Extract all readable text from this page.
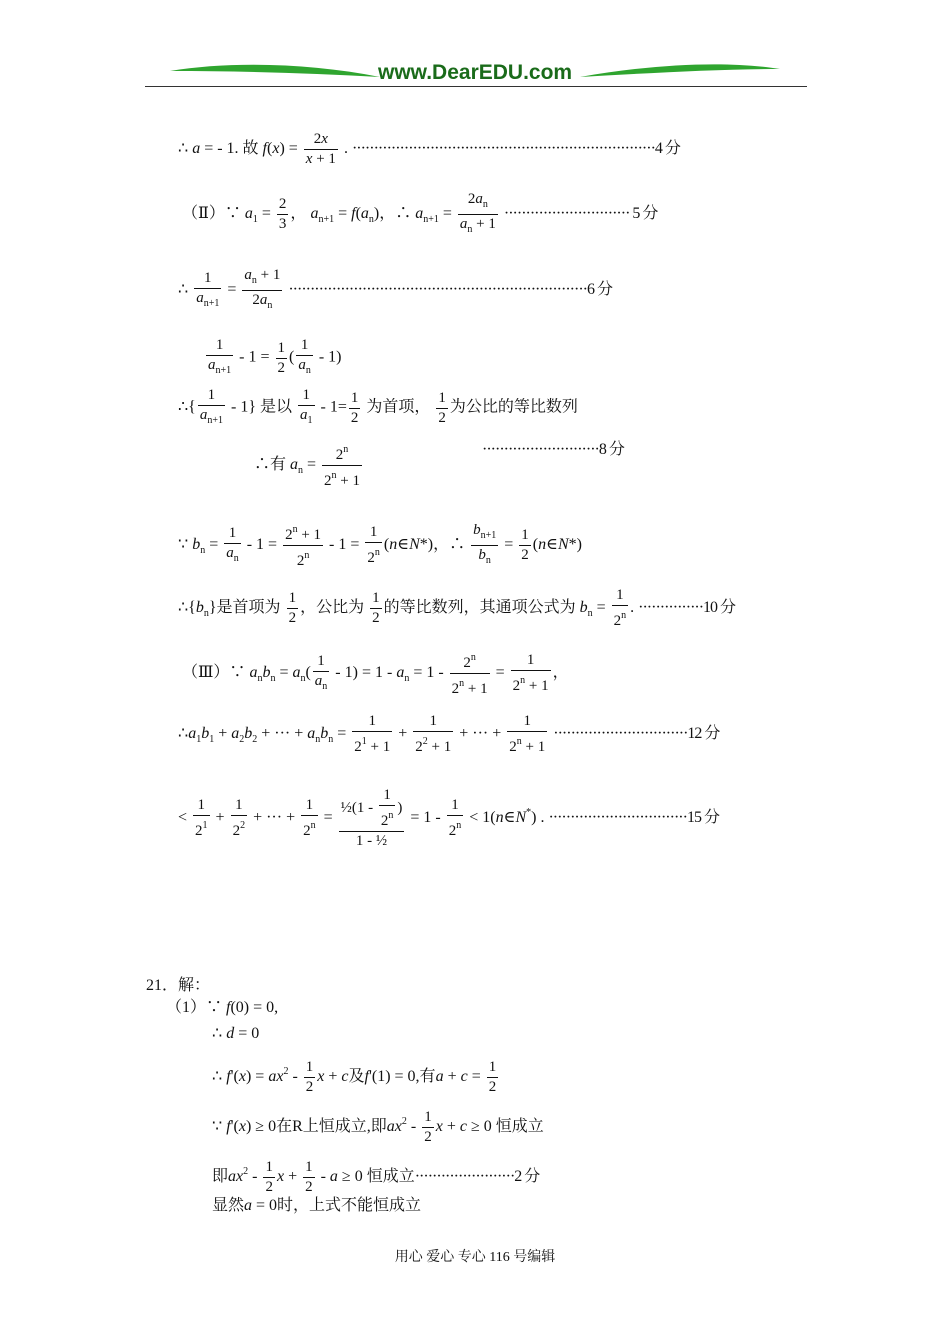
www.DearEDU.com
∴ a = - 1. 故 $f(x) = \frac{2x}{x + 1}$ . ······································································4 分
（Ⅱ）∵ $a_1 = \frac{2}{3}$ ， $a_{n+1} = f(a_n)$，∴ $a_{n+1} = \frac{2a_n}{a_n + 1}$ ····························· 5 分
∴ $\frac{1}{a_{n+1}} = \frac{a_n + 1}{2a_n} \cdot\cdot\cdot\cdot\cdot\cdot\cdot\cdot\cdot\cdot\cdot\cdot\cdot\cdot\cdot\cdot\cdot\cdot\cdot\cdot\cdot\cdot\cdot\cdot\cdot\cdot\cdot\cdot\cdot\cdot\cdot\cdot\cdot\cdot\cdot\cdot\cdot\cdot\cdot\cdot\cdot\cdot\cdot\cdot\cdot\cdot\cdot\cdot\cdot\cdot\cdot\cdot\cdot\cdot\cdot\cdot\cdot\cdot\cdot\cdot\cdot\cdot\cdot\cdot\cdot\cdot\cdot\cdot\cdot 6$ 分
$\frac{1}{a_{n+1}} - 1 = \frac{1}{2}$ ( $\frac{1}{a_n} - 1$)
∴{ $\frac{1}{a_{n+1}} - 1$} 是以 $\frac{1}{a_1} - 1= \frac{1}{2}$ 为首项， $\frac{1}{2}$ 为公比的等比数列
∴有 $a_n = \frac{2^n}{2^n + 1}$	···························8 分
∵ $b_n = \frac{1}{a_n} - 1 = \frac{2^n + 1}{2^n} - 1 = \frac{1}{2^n}$ (n∈N*)，∴ $\frac{b_{n+1}}{b_n} = \frac{1}{2}$ (n∈N*)
$\therefore\{b_n\}$是首项为 $\frac{1}{2}$ ，公比为 $\frac{1}{2}$ 的等比数列，其通项公式为 $b_n = \frac{1}{2^n}$ . ···············10 分
（Ⅲ）∵ $a_nb_n = a_n( \frac{1}{a_n} - 1) = 1 - a_n = 1 - \frac{2^n}{2^n + 1} = \frac{1}{2^n + 1}$ ，
$\therefore a_1b_1 + a_2b_2$ + ··· + $a_nb_n = \frac{1}{2^1 + 1} + \frac{1}{2^2 + 1}$ + ··· + $\frac{1}{2^n + 1} \cdot\cdot\cdot\cdot\cdot\cdot\cdot\cdot\cdot\cdot\cdot\cdot\cdot\cdot\cdot\cdot\cdot\cdot\cdot\cdot\cdot\cdot\cdot\cdot\cdot\cdot\cdot\cdot\cdot\cdot\cdot 12$ 分
< $\frac{1}{2^1} + \frac{1}{2^2}$ + ··· + $\frac{1}{2^n} = \frac{\frac{1}{2}(1 - \frac{1}{2^n} )}{\text{1 - ½}} = 1 - \frac{1}{2^n}$ < 1(n∈N*) . ································15 分
21．解：
（1）∵ f(0) = 0,
∴ d = 0
∴ $f'(x) = ax^2 - \frac{1}{2}$ x + c及f'(1) = 0,有$a + c = \frac{1}{2}$
∵ f'(x) ≥ 0在R上恒成立,即$ax^2 - \frac{1}{2}$ x + c ≥ 0 恒成立
即$ax^2 - \frac{1}{2}$ $x + \frac{1}{2} - a \ge 0$ 恒成立·······················2 分
显然a = 0时，上式不能恒成立
用心 爱心 专心 116 号编辑
